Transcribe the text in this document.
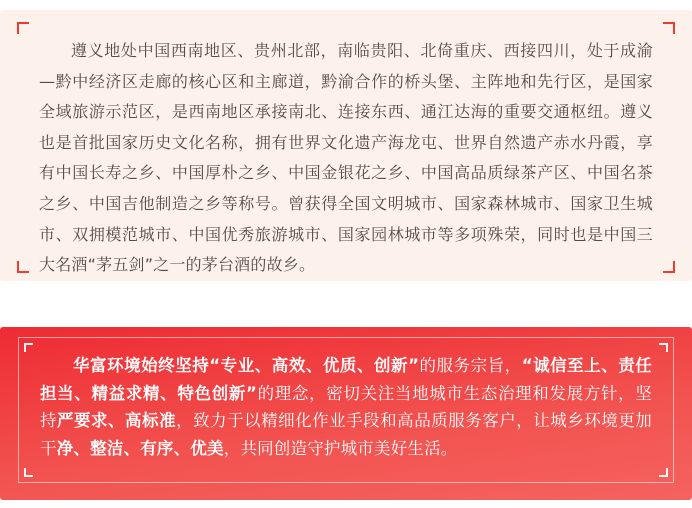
遵义地处中国西南地区、贵州北部，南临贵阳、北倚重庆、西接四川，处于成渝—黔中经济区走廊的核心区和主廊道，黔渝合作的桥头堡、主阵地和先行区，是国家全域旅游示范区，是西南地区承接南北、连接东西、通江达海的重要交通枢纽。遵义也是首批国家历史文化名称，拥有世界文化遗产海龙屯、世界自然遗产赤水丹霞，享有中国长寿之乡、中国厚朴之乡、中国金银花之乡、中国高品质绿茶产区、中国名茶之乡、中国吉他制造之乡等称号。曾获得全国文明城市、国家森林城市、国家卫生城市、双拥模范城市、中国优秀旅游城市、国家园林城市等多项殊荣，同时也是中国三大名酒“茅五剑”之一的茅台酒的故乡。

华富环境始终坚持“专业、高效、优质、创新”的服务宗旨，“诚信至上、责任担当、精益求精、特色创新”的理念，密切关注当地城市生态治理和发展方针，坚持严要求、高标准，致力于以精细化作业手段和高品质服务客户，让城乡环境更加干净、整洁、有序、优美，共同创造守护城市美好生活。
